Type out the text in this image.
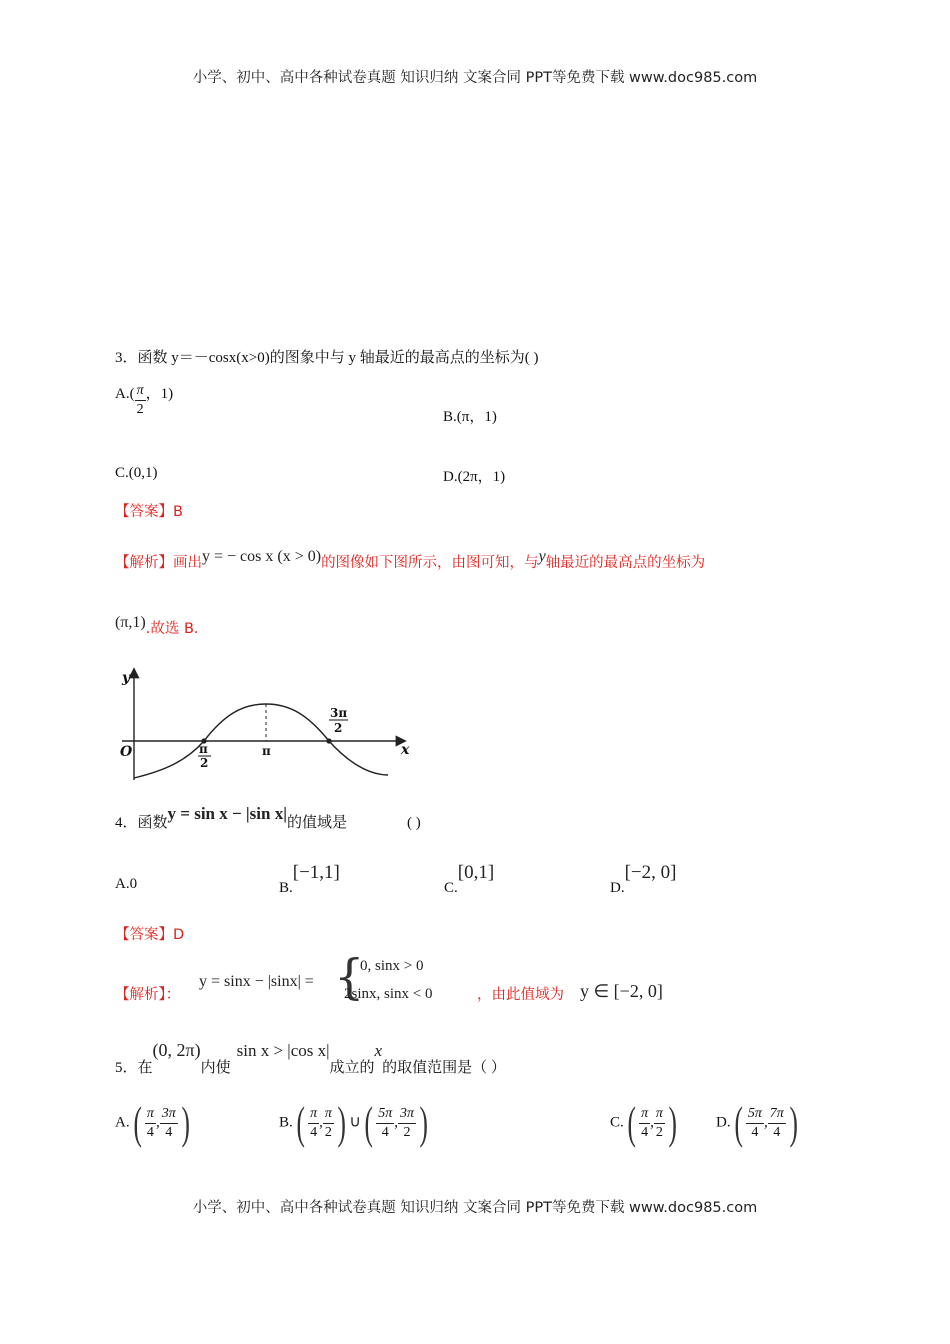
小学、初中、高中各种试卷真题 知识归纳 文案合同 PPT等免费下载 www.doc985.com
小学、初中、高中各种试卷真题 知识归纳 文案合同 PPT等免费下载 www.doc985.com
3．函数 y＝－cosx(x>0)的图象中与 y 轴最近的最高点的坐标为( )
$A.( \frac{\pi}{2}$ ，1)
B.(π，1)
C.(0,1)	D.(2π，1)
【答案】B
【解析】画出y = − cos x (x > 0)的图像如下图所示，由图可知，与y轴最近的最高点的坐标为
(π,1).故选 B.
y
x
O	π
2
π
3π
2
4．函数y = sin x − |sin x|的值域是	( )
A.0	B.[−1,1]
C.[0,1]
D.[−2, 0]
【答案】D
【解析】：
y = sinx − |sinx| = {
0, sinx > 0
2sinx, sinx < 0	，由此值域为 y ∈ [−2, 0]
5．在(0, 2π)内使sin x > |cos x|成立的x的取值范围是（ ）
$A.( \frac{\pi}{4}$ , $\frac{3\pi}{4}$ )	$B.( \frac{\pi}{4}$ , $\frac{\pi}{2}$ ) ∪( $\frac{5\pi}{4}$ , $\frac{3\pi}{2}$ )	$C.( \frac{\pi}{4}$ , $\frac{\pi}{2}$ )	$D.( \frac{5\pi}{4}$ , $\frac{7\pi}{4}$ )
